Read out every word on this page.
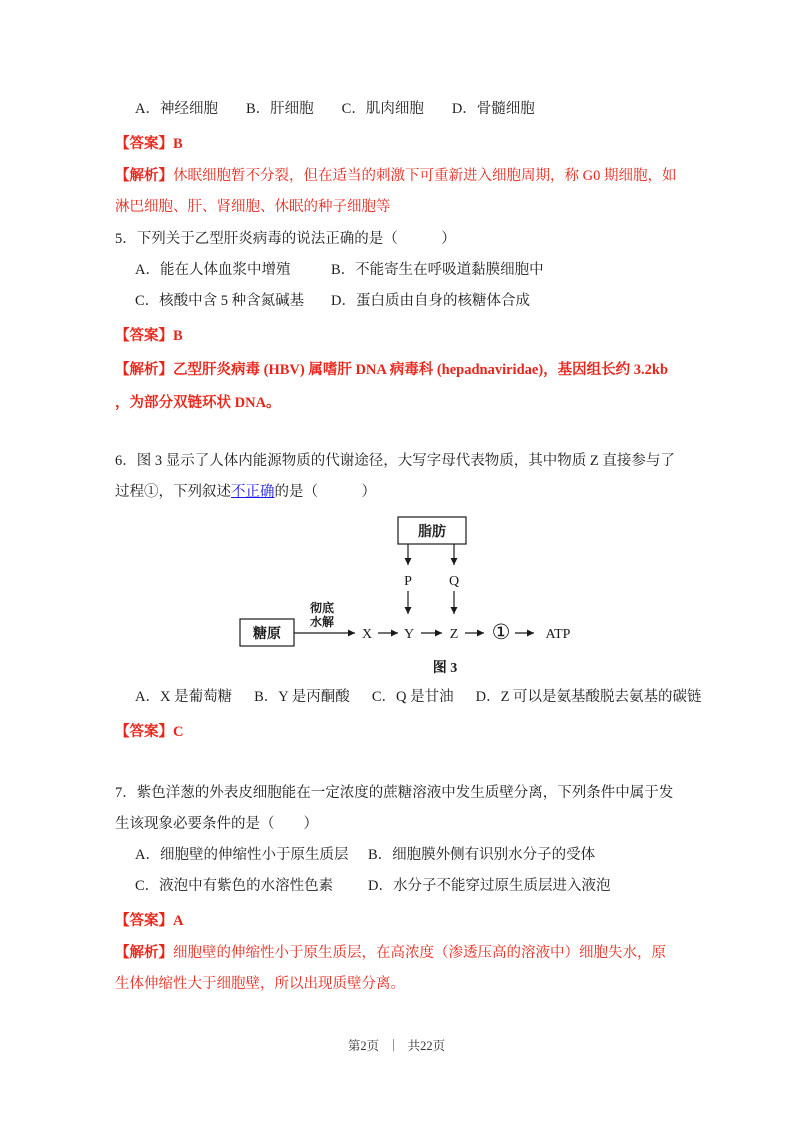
A．神经细胞 B．肝细胞 C．肌肉细胞 D．骨髓细胞

【答案】B

【解析】休眠细胞暂不分裂，但在适当的刺激下可重新进入细胞周期，称 G0 期细胞，如淋巴细胞、肝、肾细胞、休眠的种子细胞等

5．下列关于乙型肝炎病毒的说法正确的是（　　　）

A．能在人体血浆中增殖	B．不能寄生在呼吸道黏膜细胞中
C．核酸中含 5 种含氮碱基	D．蛋白质由自身的核糖体合成

【答案】B

【解析】乙型肝炎病毒 (HBV) 属嗜肝 DNA 病毒科 (hepadnaviridae)，基因组长约 3.2kb ，为部分双链环状 DNA。

6．图 3 显示了人体内能源物质的代谢途径，大写字母代表物质，其中物质 Z 直接参与了过程①，下列叙述不正确的是（　　　）

脂肪
P	Q
糖原
彻底
水解
X Y	Z ①	ATP
图 3
A．X 是葡萄糖 B．Y 是丙酮酸 C．Q 是甘油 D．Z 可以是氨基酸脱去氨基的碳链

【答案】C

7．紫色洋葱的外表皮细胞能在一定浓度的蔗糖溶液中发生质壁分离，下列条件中属于发生该现象必要条件的是（　　）

A．细胞壁的伸缩性小于原生质层	B．细胞膜外侧有识别水分子的受体
C．液泡中有紫色的水溶性色素	D．水分子不能穿过原生质层进入液泡

【答案】A

【解析】细胞壁的伸缩性小于原生质层，在高浓度（渗透压高的溶液中）细胞失水，原生体伸缩性大于细胞壁，所以出现质壁分离。

第2页 ｜ 共22页
